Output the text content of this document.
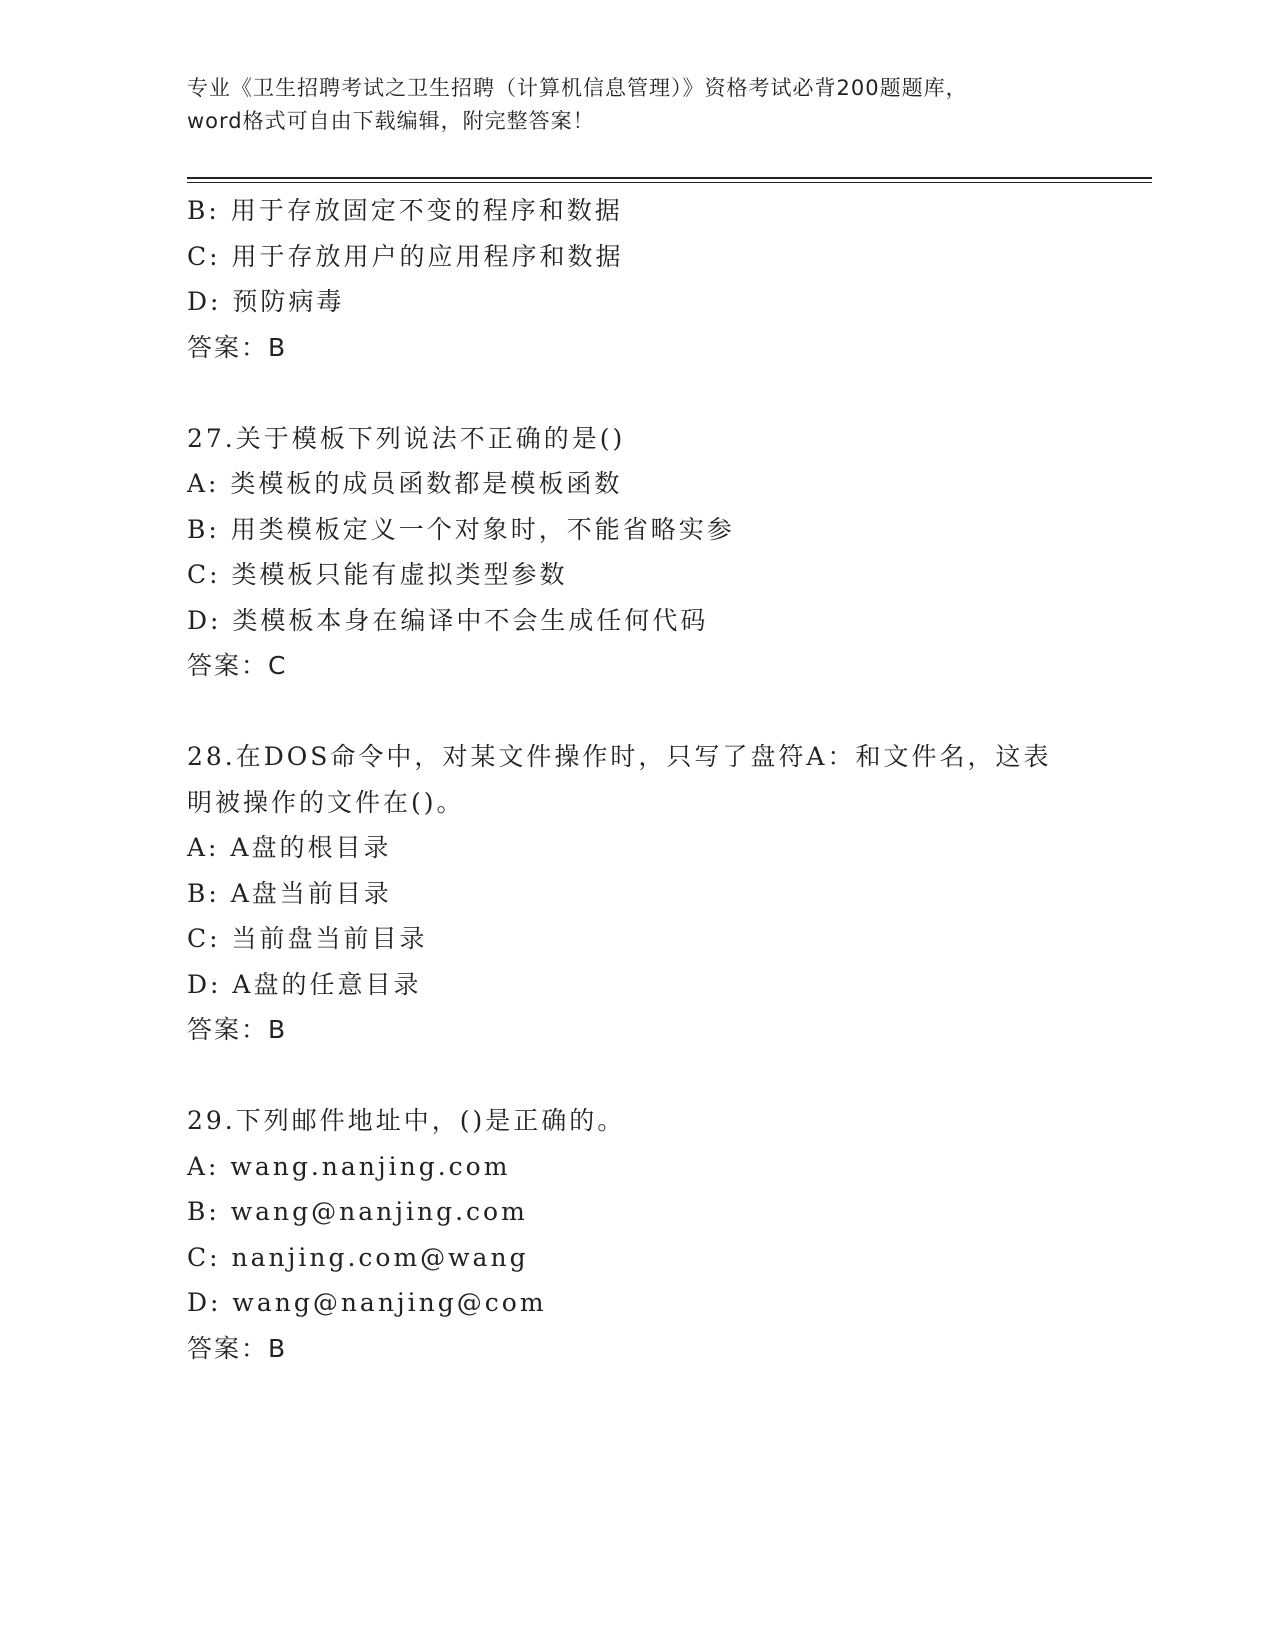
专业《卫生招聘考试之卫生招聘（计算机信息管理）》资格考试必背200题题库，
word格式可自由下载编辑，附完整答案！
B: 用于存放固定不变的程序和数据
C: 用于存放用户的应用程序和数据
D: 预防病毒
答案：B
27.关于模板下列说法不正确的是()
A: 类模板的成员函数都是模板函数
B: 用类模板定义一个对象时，不能省略实参
C: 类模板只能有虚拟类型参数
D: 类模板本身在编译中不会生成任何代码
答案：C
28.在DOS命令中，对某文件操作时，只写了盘符A：和文件名，这表
明被操作的文件在()。
A: A盘的根目录
B: A盘当前目录
C: 当前盘当前目录
D: A盘的任意目录
答案：B
29.下列邮件地址中，()是正确的。
A: wang.nanjing.com
B: wang@nanjing.com
C: nanjing.com@wang
D: wang@nanjing@com
答案：B
